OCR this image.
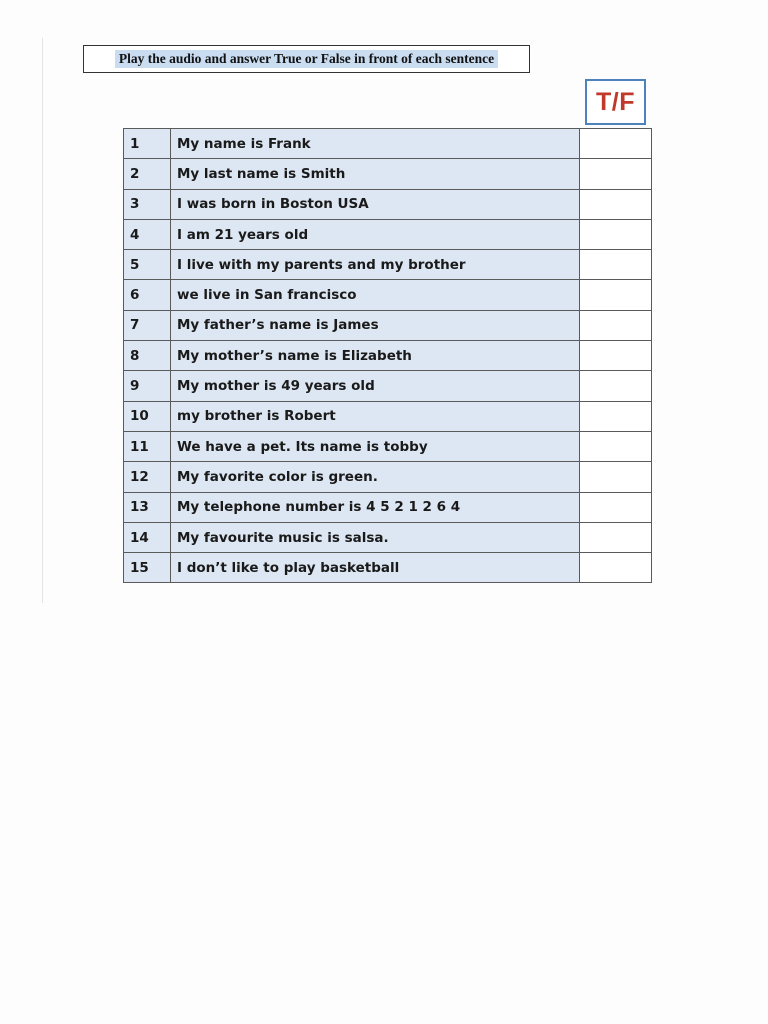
Play the audio and answer True or False in front of each sentence
T/F
1	My name is Frank	
2	My last name is Smith	
3	I was born in Boston USA	
4	I am 21 years old	
5	I live with my parents and my brother	
6	we live in San francisco	
7	My father’s name is James	
8	My mother’s name is Elizabeth	
9	My mother is 49 years old	
10	my brother is Robert	
11	We have a pet. Its name is tobby	
12	My favorite color is green.	
13	My telephone number is 4 5 2 1 2 6 4	
14	My favourite music is salsa.	
15	I don’t like to play basketball	
